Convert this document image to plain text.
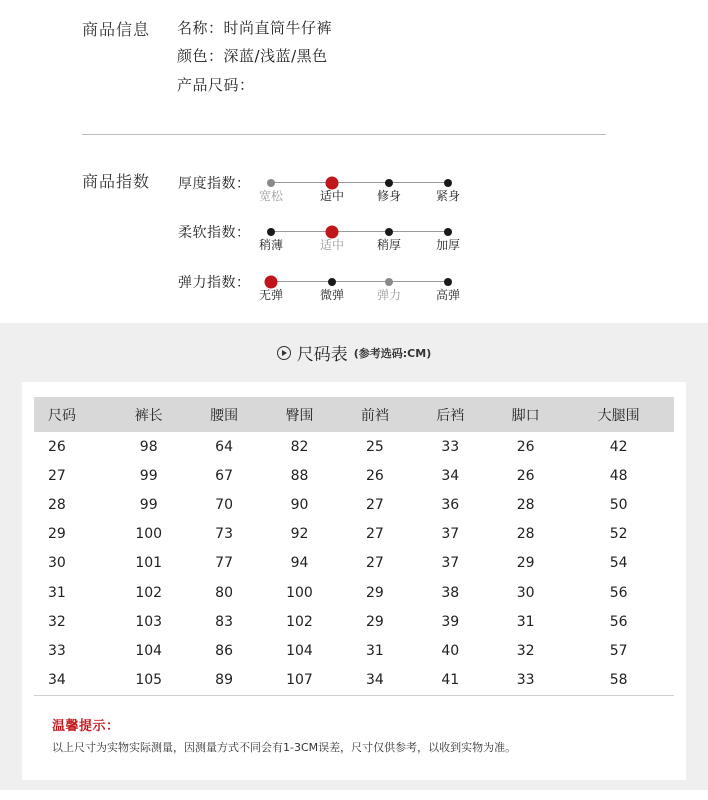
商品信息 名称：时尚直筒牛仔裤
颜色：深蓝/浅蓝/黑色
产品尺码：
商品指数 厚度指数：
宽松	适中	修身	紧身
柔软指数：
稍薄	适中	稍厚	加厚
弹力指数：
无弹	微弹	弹力	高弹
尺码表 (参考选码:CM)
尺码	裤长	腰围	臀围	前裆	后裆	脚口	大腿围
26	98	64	82	25	33	26	42
27	99	67	88	26	34	26	48
28	99	70	90	27	36	28	50
29	100	73	92	27	37	28	52
30	101	77	94	27	37	29	54
31	102	80	100	29	38	30	56
32	103	83	102	29	39	31	56
33	104	86	104	31	40	32	57
34	105	89	107	34	41	33	58
温馨提示：
以上尺寸为实物实际测量，因测量方式不同会有1-3CM误差，尺寸仅供参考，以收到实物为准。
